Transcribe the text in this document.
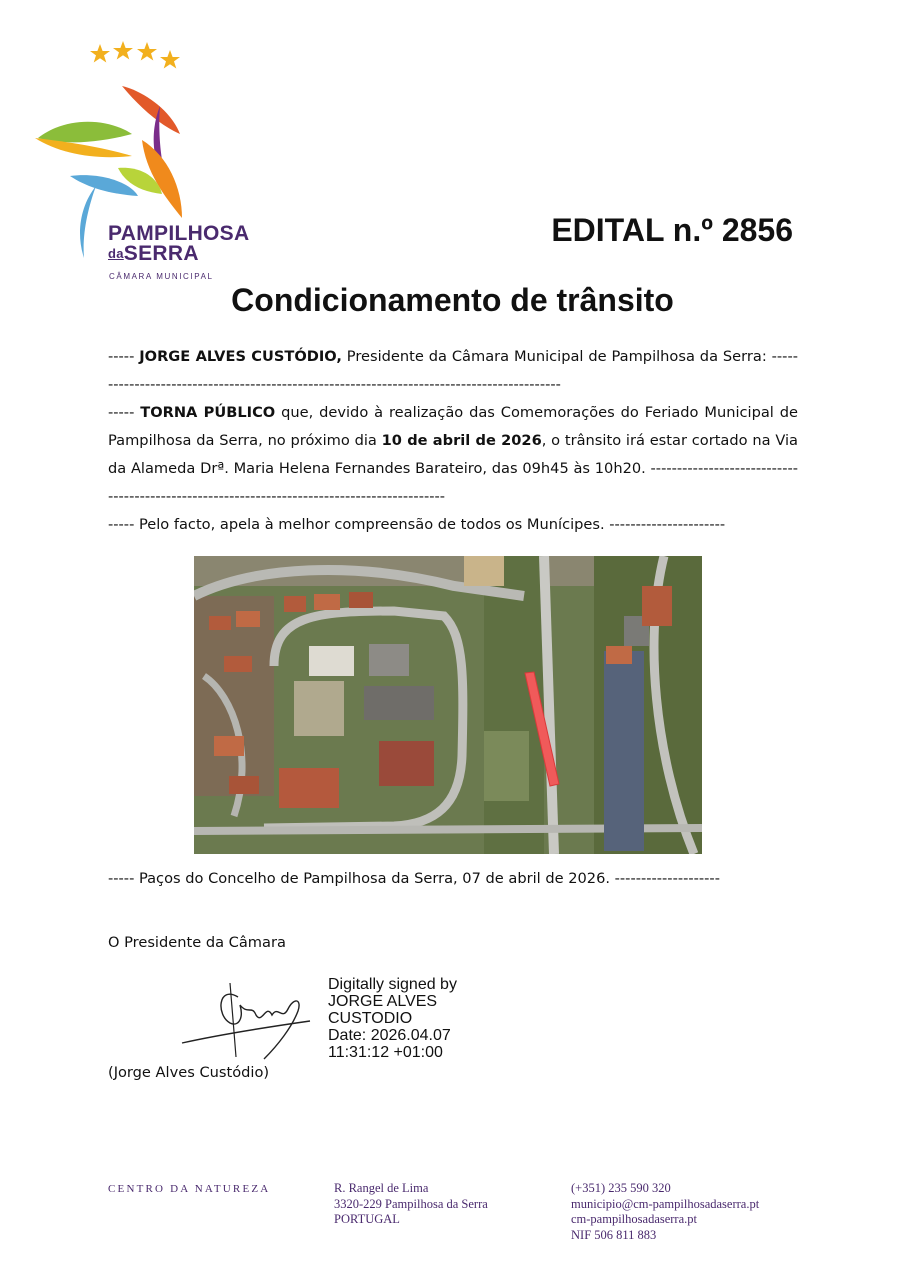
PAMPILHOSA
daSERRA
CÂMARA MUNICIPAL
EDITAL n.º 2856
Condicionamento de trânsito

----- JORGE ALVES CUSTÓDIO, Presidente da Câmara Municipal de Pampilhosa da Serra: -------------------------------------------------------------------------------------------

----- TORNA PÚBLICO que, devido à realização das Comemorações do Feriado Municipal de Pampilhosa da Serra, no próximo dia 10 de abril de 2026, o trânsito irá estar cortado na Via da Alameda Drª. Maria Helena Fernandes Barateiro, das 09h45 às 10h20. --------------------------------------------------------------------------------------------

----- Pelo facto, apela à melhor compreensão de todos os Munícipes. ----------------------

----- Paços do Concelho de Pampilhosa da Serra, 07 de abril de 2026. --------------------

O Presidente da Câmara

Digitally signed by
JORGE ALVES
CUSTODIO
Date: 2026.04.07
11:31:12 +01:00

(Jorge Alves Custódio)

CENTRO DA NATUREZA	R. Rangel de Lima
3320-229 Pampilhosa da Serra
PORTUGAL
(+351) 235 590 320
municipio@cm-pampilhosadaserra.pt
cm-pampilhosadaserra.pt
NIF 506 811 883
